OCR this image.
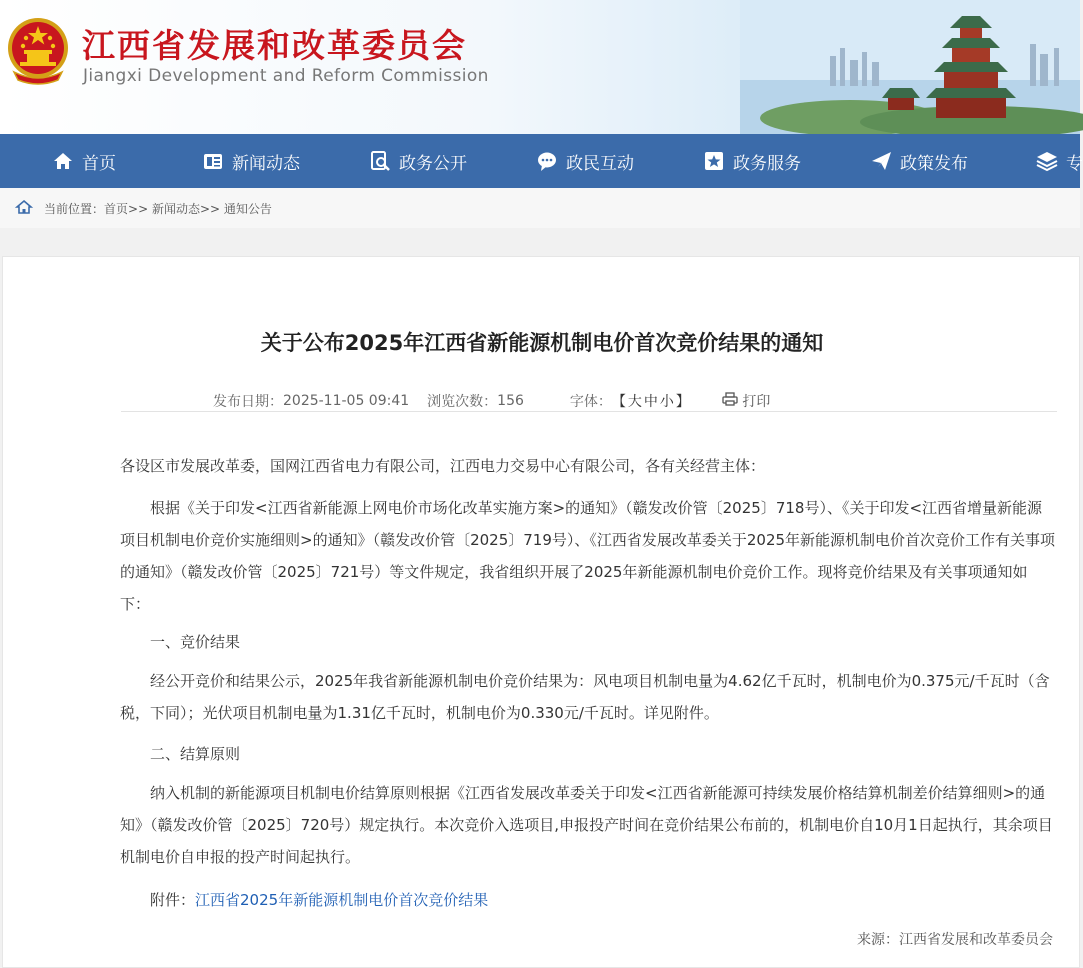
江西省发展和改革委员会
Jiangxi Development and Reform Commission
首页	新闻动态	政务公开	政民互动	政务服务	政策发布	专
当前位置：首页>> 新闻动态>> 通知公告
关于公布2025年江西省新能源机制电价首次竞价结果的通知
发布日期： 2025-11-05 09:41 浏览次数： 156	字体： 【大中小】	打印
各设区市发展改革委，国网江西省电力有限公司，江西电力交易中心有限公司，各有关经营主体：
根据《关于印发<江西省新能源上网电价市场化改革实施方案>的通知》（赣发改价管〔2025〕718号）、《关于印发<江西省增量新能源项目机制电价竞价实施细则>的通知》（赣发改价管〔2025〕719号）、《江西省发展改革委关于2025年新能源机制电价首次竞价工作有关事项的通知》（赣发改价管〔2025〕721号）等文件规定，我省组织开展了2025年新能源机制电价竞价工作。现将竞价结果及有关事项通知如下：
一、竞价结果
经公开竞价和结果公示，2025年我省新能源机制电价竞价结果为：风电项目机制电量为4.62亿千瓦时，机制电价为0.375元/千瓦时（含税，下同）；光伏项目机制电量为1.31亿千瓦时，机制电价为0.330元/千瓦时。详见附件。
二、结算原则
纳入机制的新能源项目机制电价结算原则根据《江西省发展改革委关于印发<江西省新能源可持续发展价格结算机制差价结算细则>的通知》（赣发改价管〔2025〕720号）规定执行。本次竞价入选项目,申报投产时间在竞价结果公布前的，机制电价自10月1日起执行，其余项目机制电价自申报的投产时间起执行。
附件：江西省2025年新能源机制电价首次竞价结果
来源：江西省发展和改革委员会
